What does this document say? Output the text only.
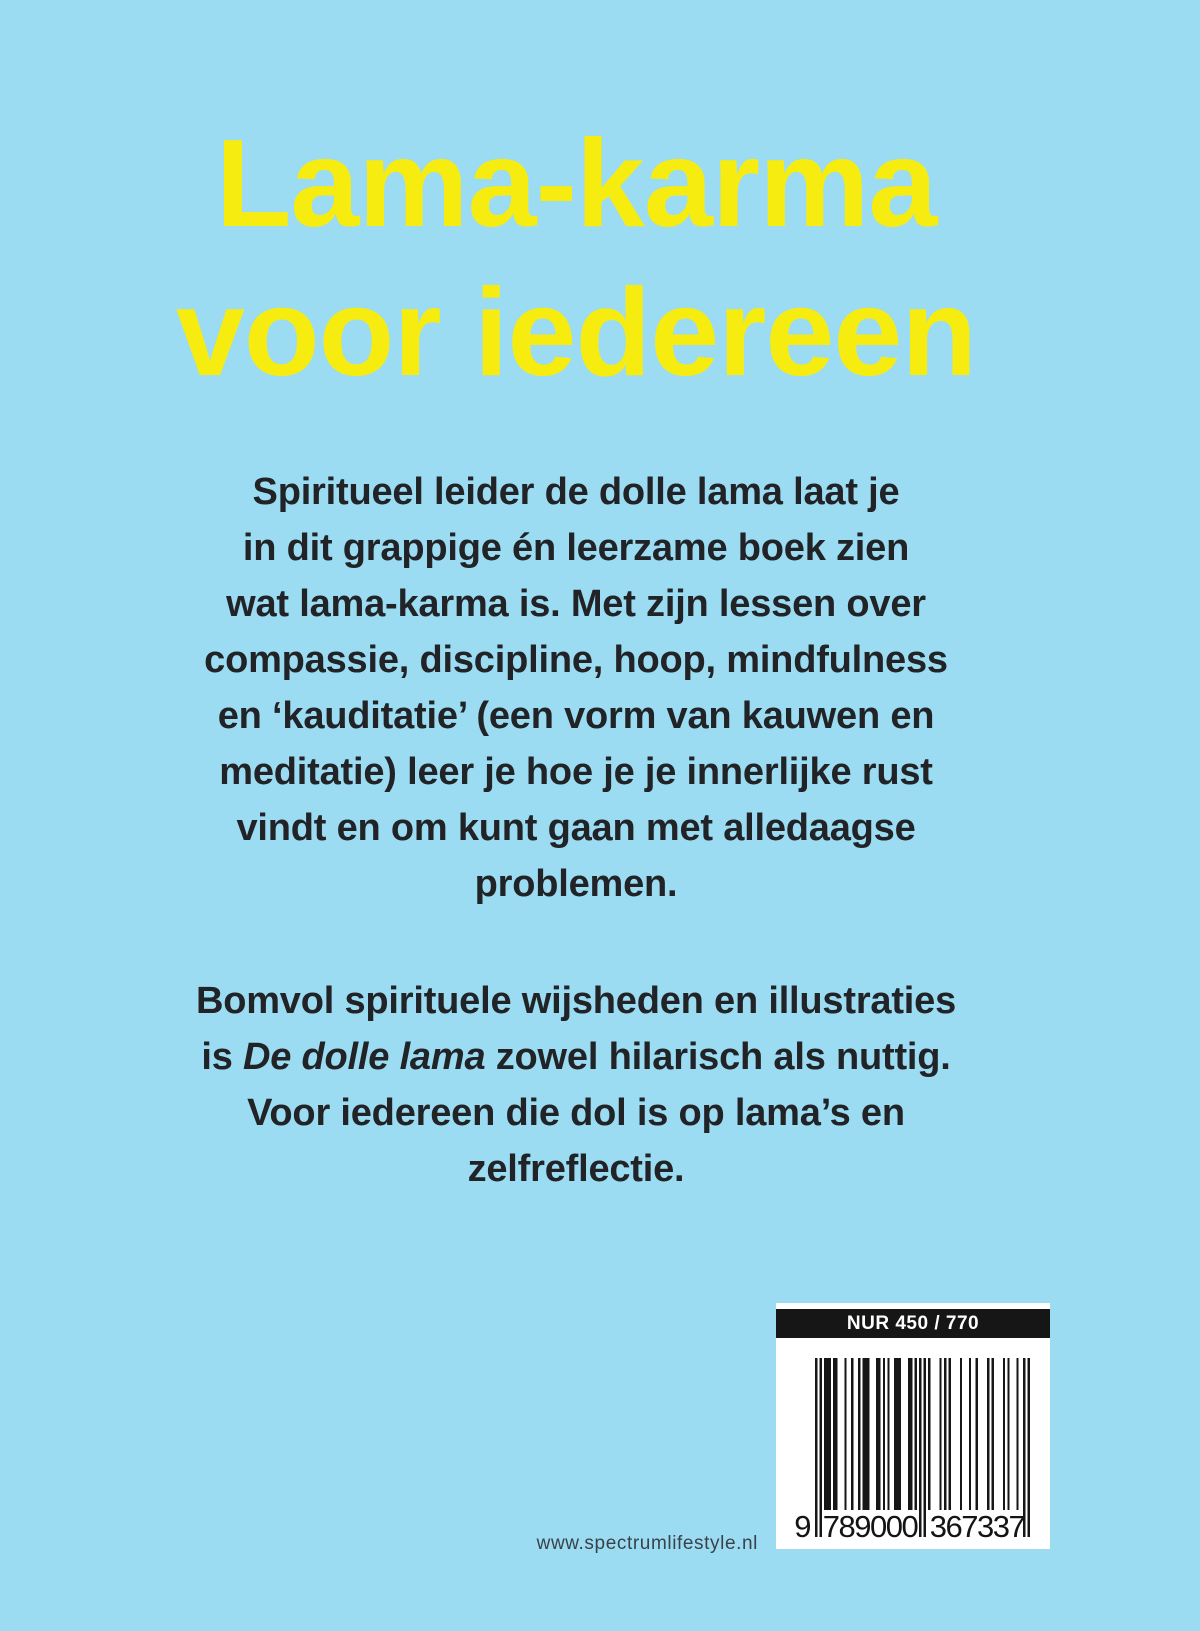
Lama-karma
voor iedereen
Spiritueel leider de dolle lama laat je
in dit grappige én leerzame boek zien
wat lama-karma is. Met zijn lessen over
compassie, discipline, hoop, mindfulness
en ‘kauditatie’ (een vorm van kauwen en
meditatie) leer je hoe je je innerlijke rust
vindt en om kunt gaan met alledaagse
problemen.
Bomvol spirituele wijsheden en illustraties
is De dolle lama zowel hilarisch als nuttig.
Voor iedereen die dol is op lama’s en
zelfreflectie.
NUR 450 / 770
9 789000 367337
www.spectrumlifestyle.nl
